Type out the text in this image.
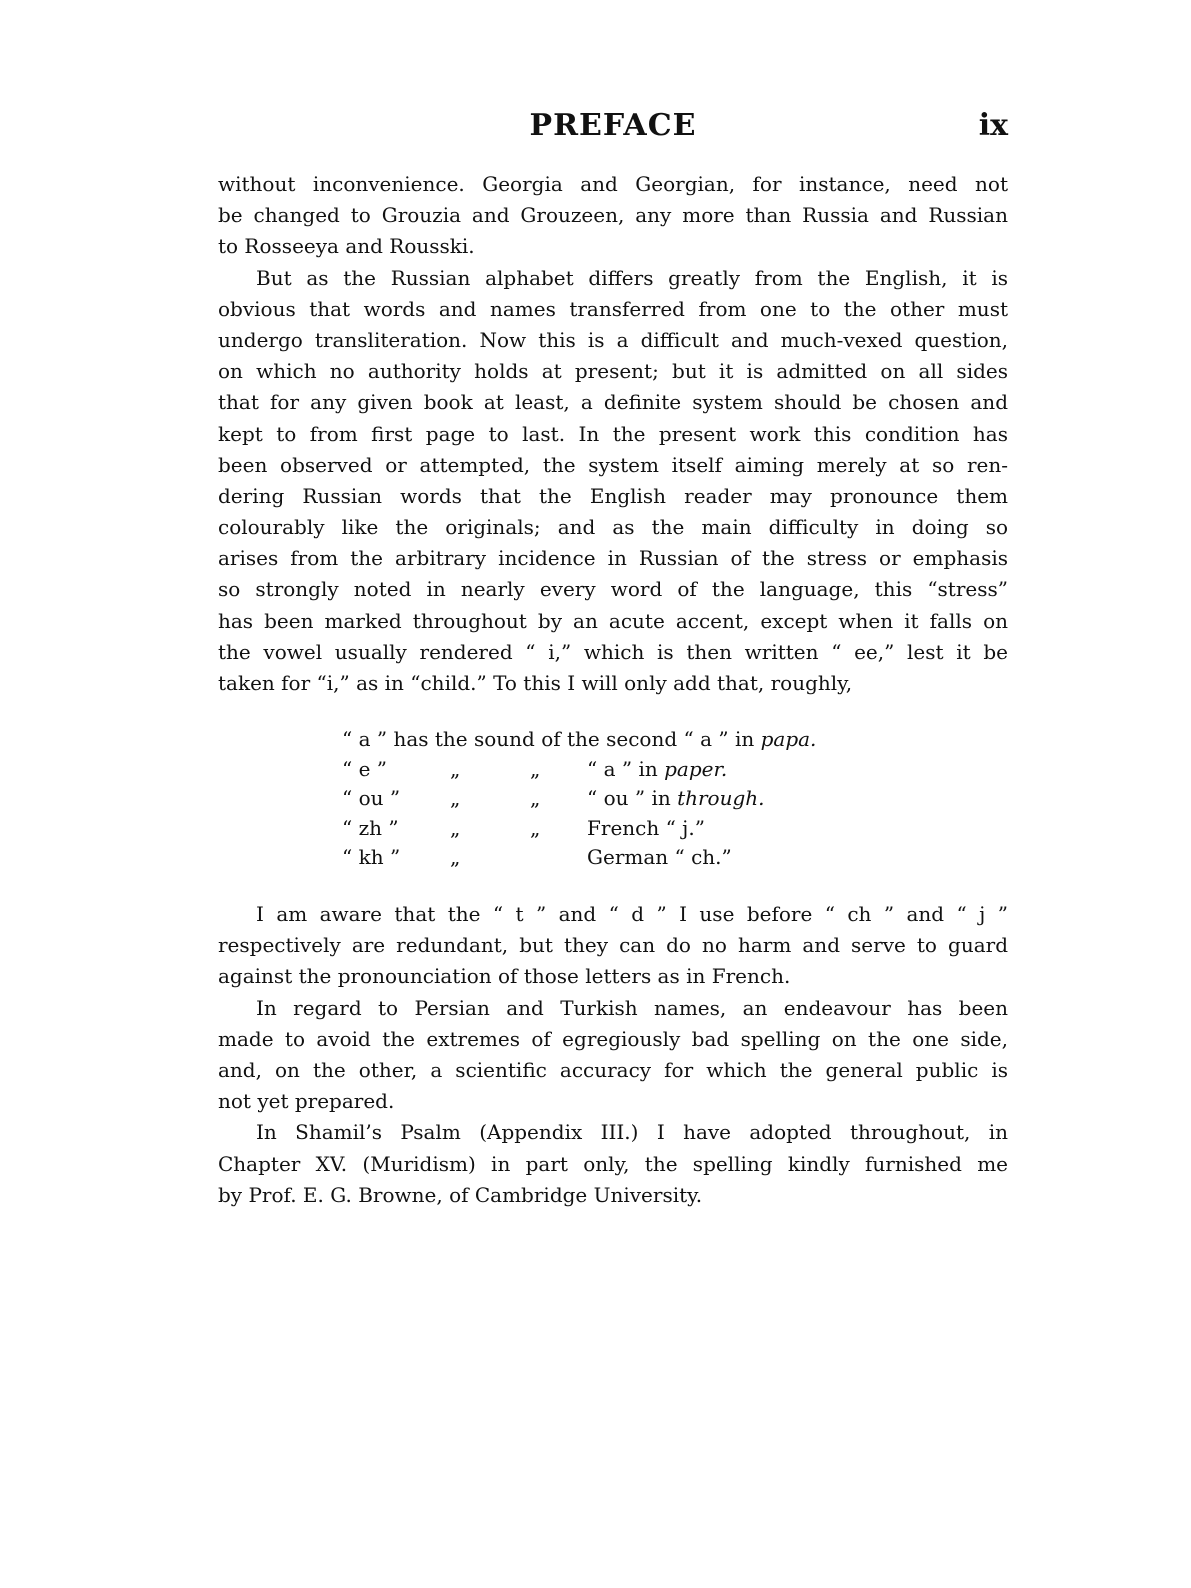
PREFACE	ix
without inconvenience. Georgia and Georgian, for instance, need not
be changed to Grouzia and Grouzeen, any more than Russia and Russian
to Rosseeya and Rousski.
But as the Russian alphabet differs greatly from the English, it is
obvious that words and names transferred from one to the other must
undergo transliteration. Now this is a difficult and much-vexed question,
on which no authority holds at present; but it is admitted on all sides
that for any given book at least, a definite system should be chosen and
kept to from first page to last. In the present work this condition has
been observed or attempted, the system itself aiming merely at so ren-
dering Russian words that the English reader may pronounce them
colourably like the originals; and as the main difficulty in doing so
arises from the arbitrary incidence in Russian of the stress or emphasis
so strongly noted in nearly every word of the language, this “stress”
has been marked throughout by an acute accent, except when it falls on
the vowel usually rendered “ i,” which is then written “ ee,” lest it be
taken for “i,” as in “child.” To this I will only add that, roughly,
“ a ” has the sound of the second “ a ” in papa.
“ e ”	„	„ “ a ” in paper.
“ ou ” „	„ “ ou ” in through.
“ zh ”	„	„ French “ j.”
“ kh ” „	German “ ch.”
I am aware that the “ t ” and “ d ” I use before “ ch ” and “ j ”
respectively are redundant, but they can do no harm and serve to guard
against the pronounciation of those letters as in French.
In regard to Persian and Turkish names, an endeavour has been
made to avoid the extremes of egregiously bad spelling on the one side,
and, on the other, a scientific accuracy for which the general public is
not yet prepared.
In Shamil’s Psalm (Appendix III.) I have adopted throughout, in
Chapter XV. (Muridism) in part only, the spelling kindly furnished me
by Prof. E. G. Browne, of Cambridge University.
